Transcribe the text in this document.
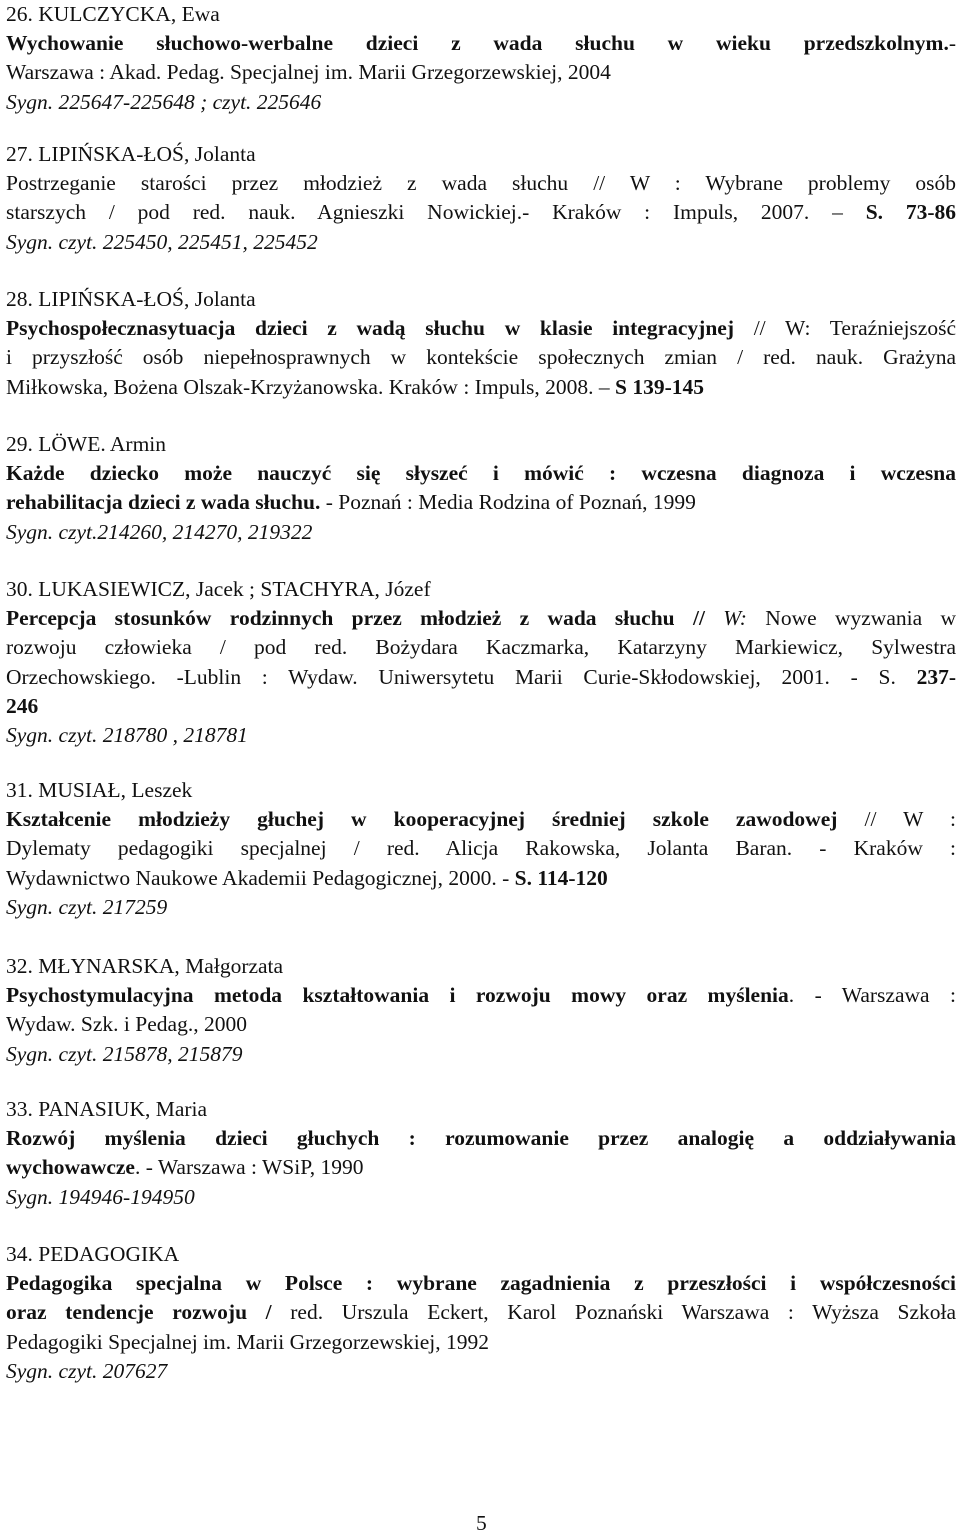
26. KULCZYCKA, Ewa
Wychowanie słuchowo-werbalne dzieci z wada słuchu w wieku przedszkolnym.-
Warszawa : Akad. Pedag. Specjalnej im. Marii Grzegorzewskiej, 2004
Sygn. 225647-225648 ; czyt. 225646
27. LIPIŃSKA-ŁOŚ, Jolanta
Postrzeganie starości przez młodzież z wada słuchu // W : Wybrane problemy osób
starszych / pod red. nauk. Agnieszki Nowickiej.- Kraków : Impuls, 2007. – S. 73-86
Sygn. czyt. 225450, 225451, 225452
28. LIPIŃSKA-ŁOŚ, Jolanta
Psychospołecznasytuacja dzieci z wadą słuchu w klasie integracyjnej // W: Teraźniejszość
i przyszłość osób niepełnosprawnych w kontekście społecznych zmian / red. nauk. Grażyna
Miłkowska, Bożena Olszak-Krzyżanowska. Kraków : Impuls, 2008. – S 139-145
29. LÖWE. Armin
Każde dziecko może nauczyć się słyszeć i mówić : wczesna diagnoza i wczesna
rehabilitacja dzieci z wada słuchu. - Poznań : Media Rodzina of Poznań, 1999
Sygn. czyt.214260, 214270, 219322
30. LUKASIEWICZ, Jacek ; STACHYRA, Józef
Percepcja stosunków rodzinnych przez młodzież z wada słuchu // W: Nowe wyzwania w
rozwoju człowieka / pod red. Bożydara Kaczmarka, Katarzyny Markiewicz, Sylwestra
Orzechowskiego. -Lublin : Wydaw. Uniwersytetu Marii Curie-Skłodowskiej, 2001. - S. 237-
246
Sygn. czyt. 218780 , 218781
31. MUSIAŁ, Leszek
Kształcenie młodzieży głuchej w kooperacyjnej średniej szkole zawodowej // W :
Dylematy pedagogiki specjalnej / red. Alicja Rakowska, Jolanta Baran. - Kraków :
Wydawnictwo Naukowe Akademii Pedagogicznej, 2000. - S. 114-120
Sygn. czyt. 217259
32. MŁYNARSKA, Małgorzata
Psychostymulacyjna metoda kształtowania i rozwoju mowy oraz myślenia. - Warszawa :
Wydaw. Szk. i Pedag., 2000
Sygn. czyt. 215878, 215879
33. PANASIUK, Maria
Rozwój myślenia dzieci głuchych : rozumowanie przez analogię a oddziaływania
wychowawcze. - Warszawa : WSiP, 1990
Sygn. 194946-194950
34. PEDAGOGIKA
Pedagogika specjalna w Polsce : wybrane zagadnienia z przeszłości i współczesności
oraz tendencje rozwoju / red. Urszula Eckert, Karol Poznański Warszawa : Wyższa Szkoła
Pedagogiki Specjalnej im. Marii Grzegorzewskiej, 1992
Sygn. czyt. 207627
5
